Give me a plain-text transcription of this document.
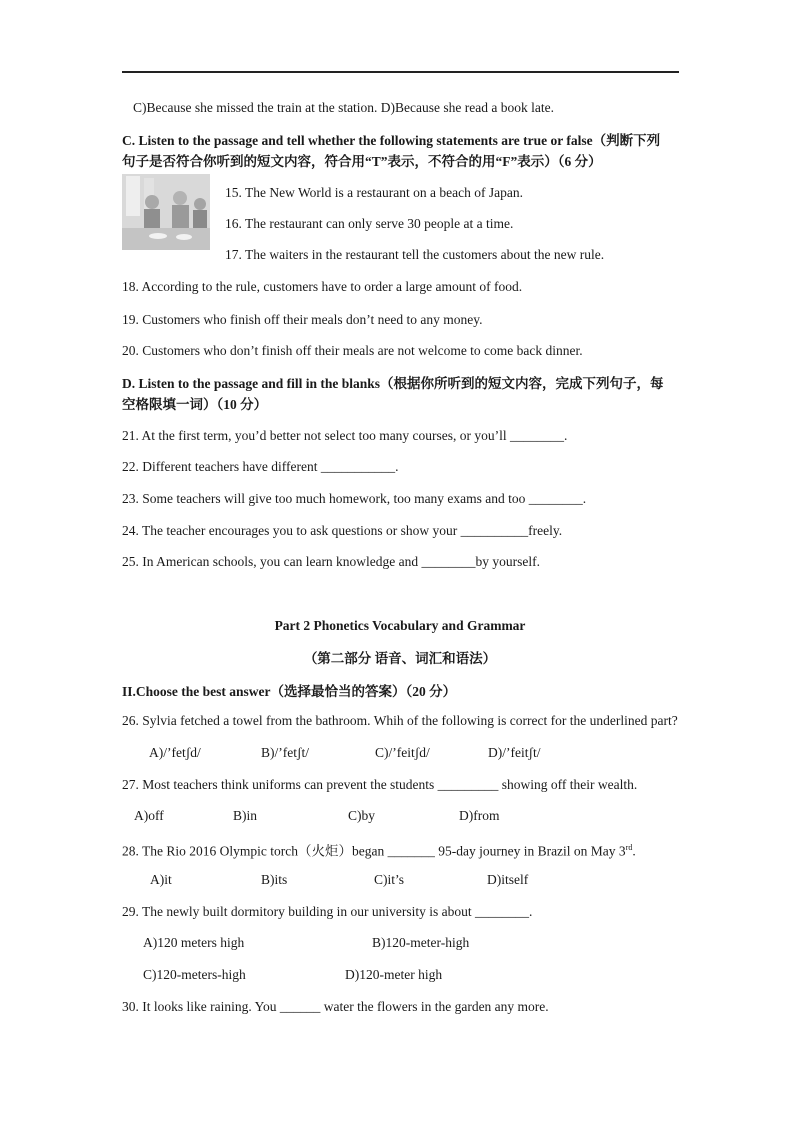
C)Because she missed the train at the station. D)Because she read a book late.
C. Listen to the passage and tell whether the following statements are true or false（判断下列
句子是否符合你听到的短文内容，符合用“T”表示，不符合的用“F”表示）（6 分）
15. The New World is a restaurant on a beach of Japan.
16. The restaurant can only serve 30 people at a time.
17. The waiters in the restaurant tell the customers about the new rule.
18. According to the rule, customers have to order a large amount of food.
19. Customers who finish off their meals don’t need to any money.
20. Customers who don’t finish off their meals are not welcome to come back dinner.
D. Listen to the passage and fill in the blanks（根据你所听到的短文内容，完成下列句子，每
空格限填一词）（10 分）
21. At the first term, you’d better not select too many courses, or you’ll ________.
22. Different teachers have different ___________.
23. Some teachers will give too much homework, too many exams and too ________.
24. The teacher encourages you to ask questions or show your __________freely.
25. In American schools, you can learn knowledge and ________by yourself.
Part 2 Phonetics Vocabulary and Grammar
（第二部分 语音、词汇和语法）
II.Choose the best answer（选择最恰当的答案）（20 分）
26. Sylvia fetched a towel from the bathroom. Whih of the following is correct for the underlined part?
A)/’fetʃd/	B)/’fetʃt/	C)/’feitʃd/	D)/’feitʃt/
27. Most teachers think uniforms can prevent the students _________ showing off their wealth.
A)off	B)in	C)by	D)from
28. The Rio 2016 Olympic torch（火炬）began _______ 95-day journey in Brazil on May 3rd.
A)it	B)its	C)it’s	D)itself
29. The newly built dormitory building in our university is about ________.
A)120 meters high	B)120-meter-high
C)120-meters-high	D)120-meter high
30. It looks like raining. You ______ water the flowers in the garden any more.
